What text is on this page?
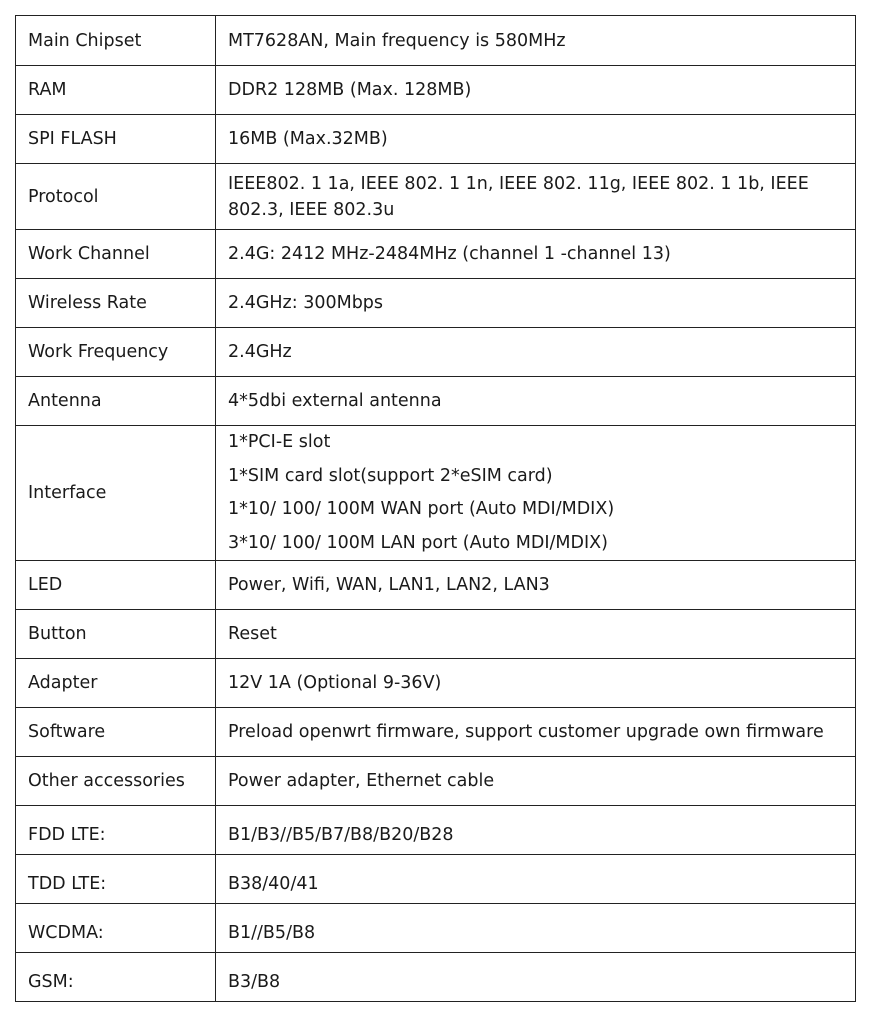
Main Chipset	MT7628AN, Main frequency is 580MHz

RAM	DDR2 128MB (Max. 128MB)

SPI FLASH	16MB (Max.32MB)

Protocol	IEEE802. 1 1a, IEEE 802. 1 1n, IEEE 802. 11g, IEEE 802. 1 1b, IEEE 802.3, IEEE 802.3u

Work Channel	2.4G: 2412 MHz-2484MHz (channel 1 -channel 13)

Wireless Rate	2.4GHz: 300Mbps

Work Frequency	2.4GHz

Antenna	4*5dbi external antenna

Interface	1*PCI-E slot
1*SIM card slot(support 2*eSIM card)
1*10/ 100/ 100M WAN port (Auto MDI/MDIX)
3*10/ 100/ 100M LAN port (Auto MDI/MDIX)

LED	Power, Wifi, WAN, LAN1, LAN2, LAN3

Button	Reset

Adapter	12V 1A (Optional 9-36V)

Software	Preload openwrt firmware, support customer upgrade own firmware

Other accessories	Power adapter, Ethernet cable

FDD LTE:	B1/B3//B5/B7/B8/B20/B28

TDD LTE:	B38/40/41

WCDMA:	B1//B5/B8

GSM:	B3/B8
